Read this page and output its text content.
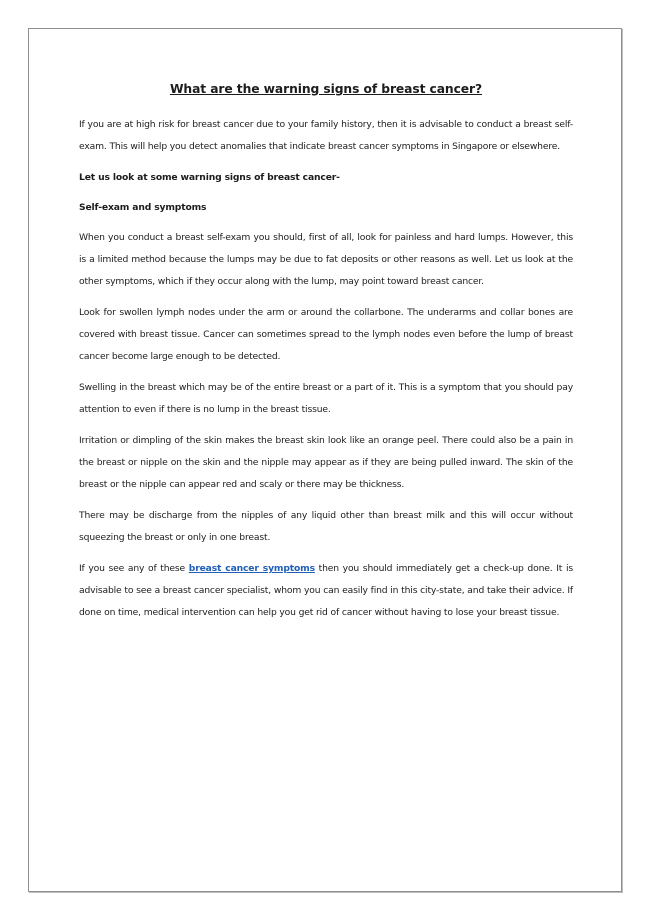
What are the warning signs of breast cancer?

If you are at high risk for breast cancer due to your family history, then it is advisable to conduct a breast self-exam. This will help you detect anomalies that indicate breast cancer symptoms in Singapore or elsewhere.

Let us look at some warning signs of breast cancer-

Self-exam and symptoms

When you conduct a breast self-exam you should, first of all, look for painless and hard lumps. However, this is a limited method because the lumps may be due to fat deposits or other reasons as well. Let us look at the other symptoms, which if they occur along with the lump, may point toward breast cancer.

Look for swollen lymph nodes under the arm or around the collarbone. The underarms and collar bones are covered with breast tissue. Cancer can sometimes spread to the lymph nodes even before the lump of breast cancer become large enough to be detected.

Swelling in the breast which may be of the entire breast or a part of it. This is a symptom that you should pay attention to even if there is no lump in the breast tissue.

Irritation or dimpling of the skin makes the breast skin look like an orange peel. There could also be a pain in the breast or nipple on the skin and the nipple may appear as if they are being pulled inward. The skin of the breast or the nipple can appear red and scaly or there may be thickness.

There may be discharge from the nipples of any liquid other than breast milk and this will occur without squeezing the breast or only in one breast.

If you see any of these breast cancer symptoms then you should immediately get a check-up done. It is advisable to see a breast cancer specialist, whom you can easily find in this city-state, and take their advice. If done on time, medical intervention can help you get rid of cancer without having to lose your breast tissue.
